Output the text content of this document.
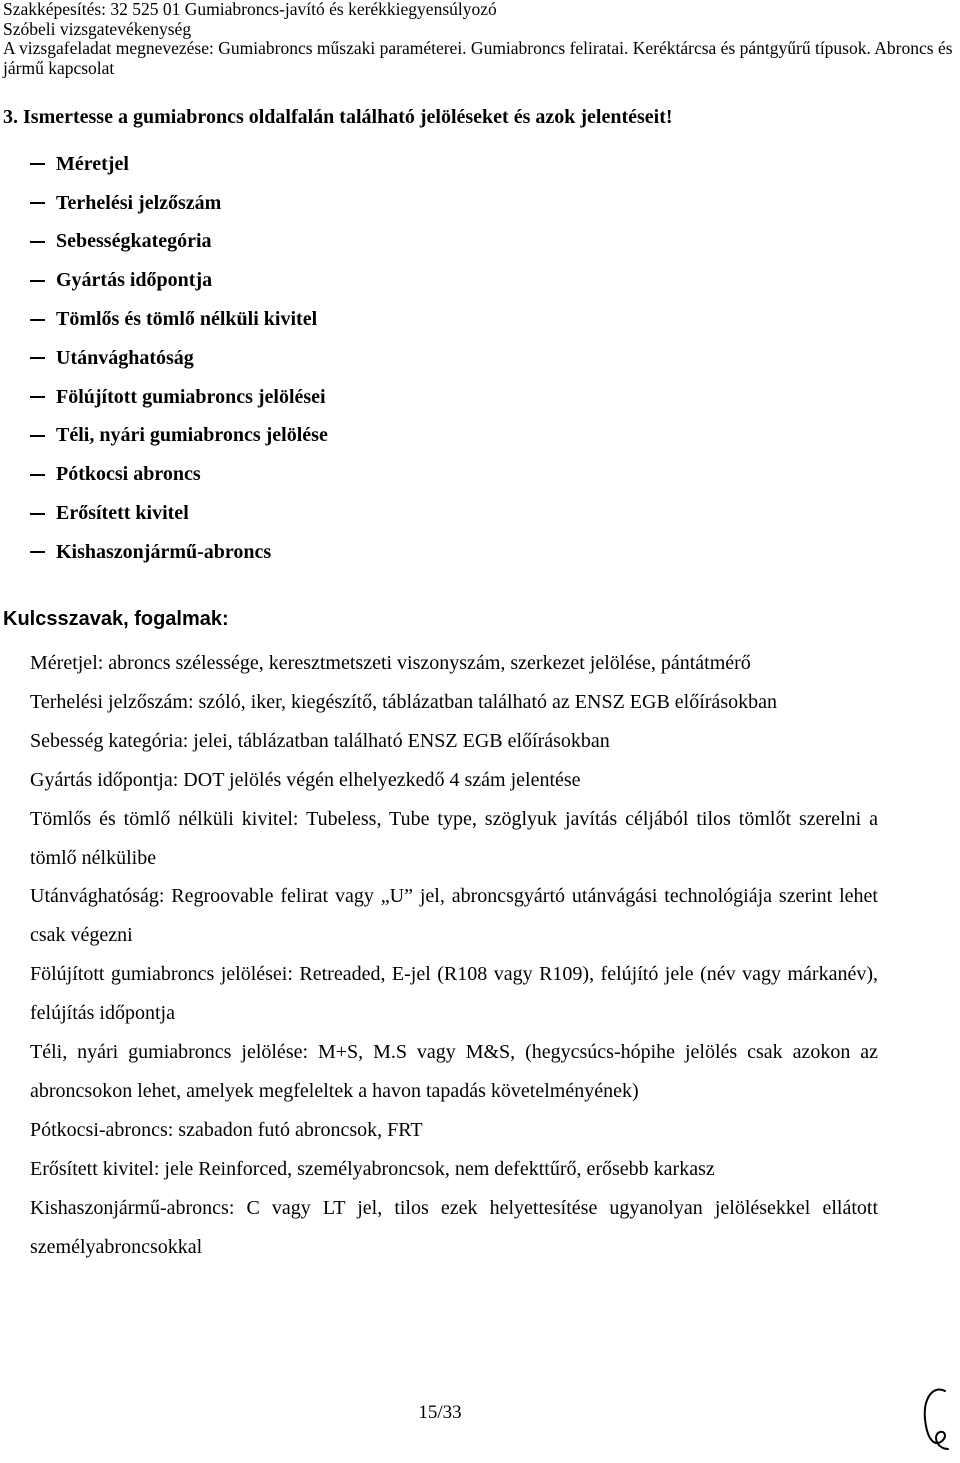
Szakképesítés: 32 525 01 Gumiabroncs-javító és kerékkiegyensúlyozó
Szóbeli vizsgatevékenység
A vizsgafeladat megnevezése: Gumiabroncs műszaki paraméterei. Gumiabroncs feliratai. Keréktárcsa és pántgyűrű típusok. Abroncs és jármű kapcsolat
3. Ismertesse a gumiabroncs oldalfalán található jelöléseket és azok jelentéseit!
Méretjel
Terhelési jelzőszám
Sebességkategória
Gyártás időpontja
Tömlős és tömlő nélküli kivitel
Utánvághatóság
Fölújított gumiabroncs jelölései
Téli, nyári gumiabroncs jelölése
Pótkocsi abroncs
Erősített kivitel
Kishaszonjármű-abroncs
Kulcsszavak, fogalmak:
Méretjel: abroncs szélessége, keresztmetszeti viszonyszám, szerkezet jelölése, pántátmérő
Terhelési jelzőszám: szóló, iker, kiegészítő, táblázatban található az ENSZ EGB előírásokban
Sebesség kategória: jelei, táblázatban található ENSZ EGB előírásokban
Gyártás időpontja: DOT jelölés végén elhelyezkedő 4 szám jelentése
Tömlős és tömlő nélküli kivitel: Tubeless, Tube type, szöglyuk javítás céljából tilos tömlőt szerelni a tömlő nélkülibe
Utánvághatóság: Regroovable felirat vagy „U” jel, abroncsgyártó utánvágási technológiája szerint lehet csak végezni
Fölújított gumiabroncs jelölései: Retreaded, E-jel (R108 vagy R109), felújító jele (név vagy márkanév), felújítás időpontja
Téli, nyári gumiabroncs jelölése: M+S, M.S vagy M&S, (hegycsúcs-hópihe jelölés csak azokon az abroncsokon lehet, amelyek megfeleltek a havon tapadás követelményének)
Pótkocsi-abroncs: szabadon futó abroncsok, FRT
Erősített kivitel: jele Reinforced, személyabroncsok, nem defekttűrő, erősebb karkasz
Kishaszonjármű-abroncs: C vagy LT jel, tilos ezek helyettesítése ugyanolyan jelölésekkel ellátott személyabroncsokkal
15/33
